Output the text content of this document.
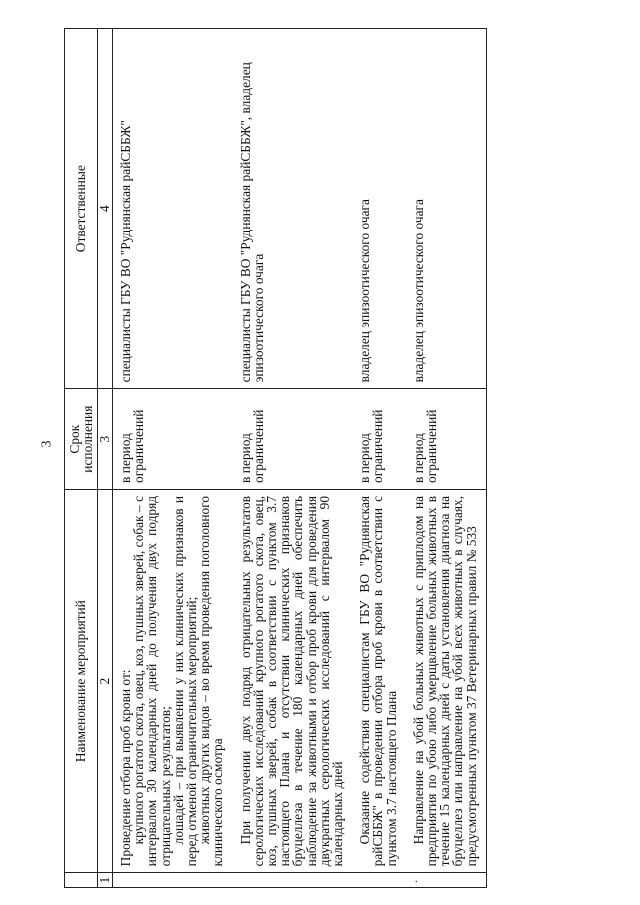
3
	Наименование мероприятий	Срок исполнения	Ответственные
1	2	3	4

	Проведение отбора проб крови от:

крупного рогатого скота, овец, коз, пушных зверей, собак – с интервалом 30 календарных дней до получения двух подряд отрицательных результатов;

лошадей – при выявлении у них клинических признаков и перед отменой ограничительных мероприятий;

животных других видов – во время проведения поголовного клинического осмотра	в период ограничений	специалисты ГБУ ВО "Руднянская райСББЖ"

	При получении двух подряд отрицательных результатов серологических исследований крупного рогатого скота, овец, коз, пушных зверей, собак в соответствии с пунктом 3.7 настоящего Плана и отсутствии клинических признаков бруцеллеза в течение 180 календарных дней обеспечить наблюдение за животными и отбор проб крови для проведения двукратных серологических исследований с интервалом 90 календарных дней	в период ограничений	специалисты ГБУ ВО "Руднянская райСББЖ", владелец эпизоотического очага

	Оказание содействия специалистам ГБУ ВО "Руднянская райСББЖ" в проведении отбора проб крови в соответствии с пунктом 3.7 настоящего Плана	в период ограничений	владелец эпизоотического очага

.	Направление на убой больных животных с приплодом на предприятия по убою либо умерщвление больных животных в течение 15 календарных дней с даты установления диагноза на бруцеллез или направление на убой всех животных в случаях, предусмотренных пунктом 37 Ветеринарных правил № 533	в период ограничений	владелец эпизоотического очага
